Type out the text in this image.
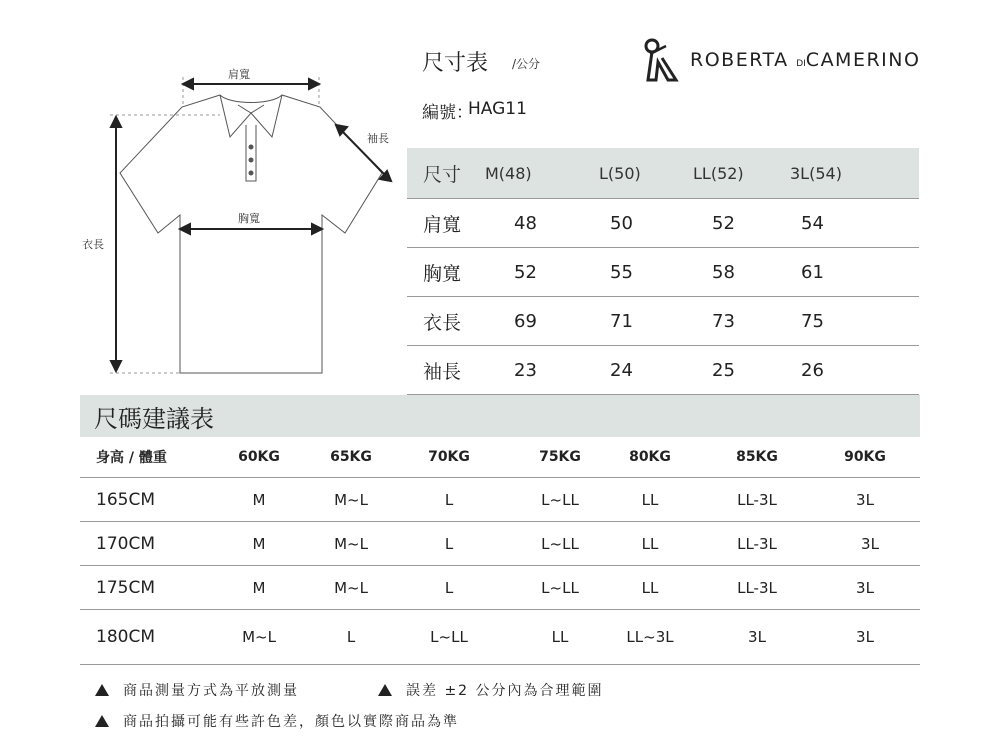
尺寸表 /公分
編號：
HAG11
ROBERTA DICAMERINO
肩寬
袖長
胸寬
衣長
尺寸 M(48)	L(50)	LL(52)	3L(54)
肩寬	48	50	52	54
胸寬	52	55	58	61
衣長	69	71	73	75
袖長	23	24	25	26
尺碼建議表
身高 / 體重	60KG	65KG	70KG	75KG	80KG	85KG	90KG
165CM	M	M~L	L	L~LL	LL	LL-3L	3L
170CM	M	M~L	L	L~LL	LL	LL-3L	3L
175CM	M	M~L	L	L~LL	LL	LL-3L	3L
180CM	M~L	L	L~LL	LL	LL~3L	3L	3L
商品測量方式為平放測量	誤差 ±2 公分內為合理範圍
商品拍攝可能有些許色差，顏色以實際商品為準
